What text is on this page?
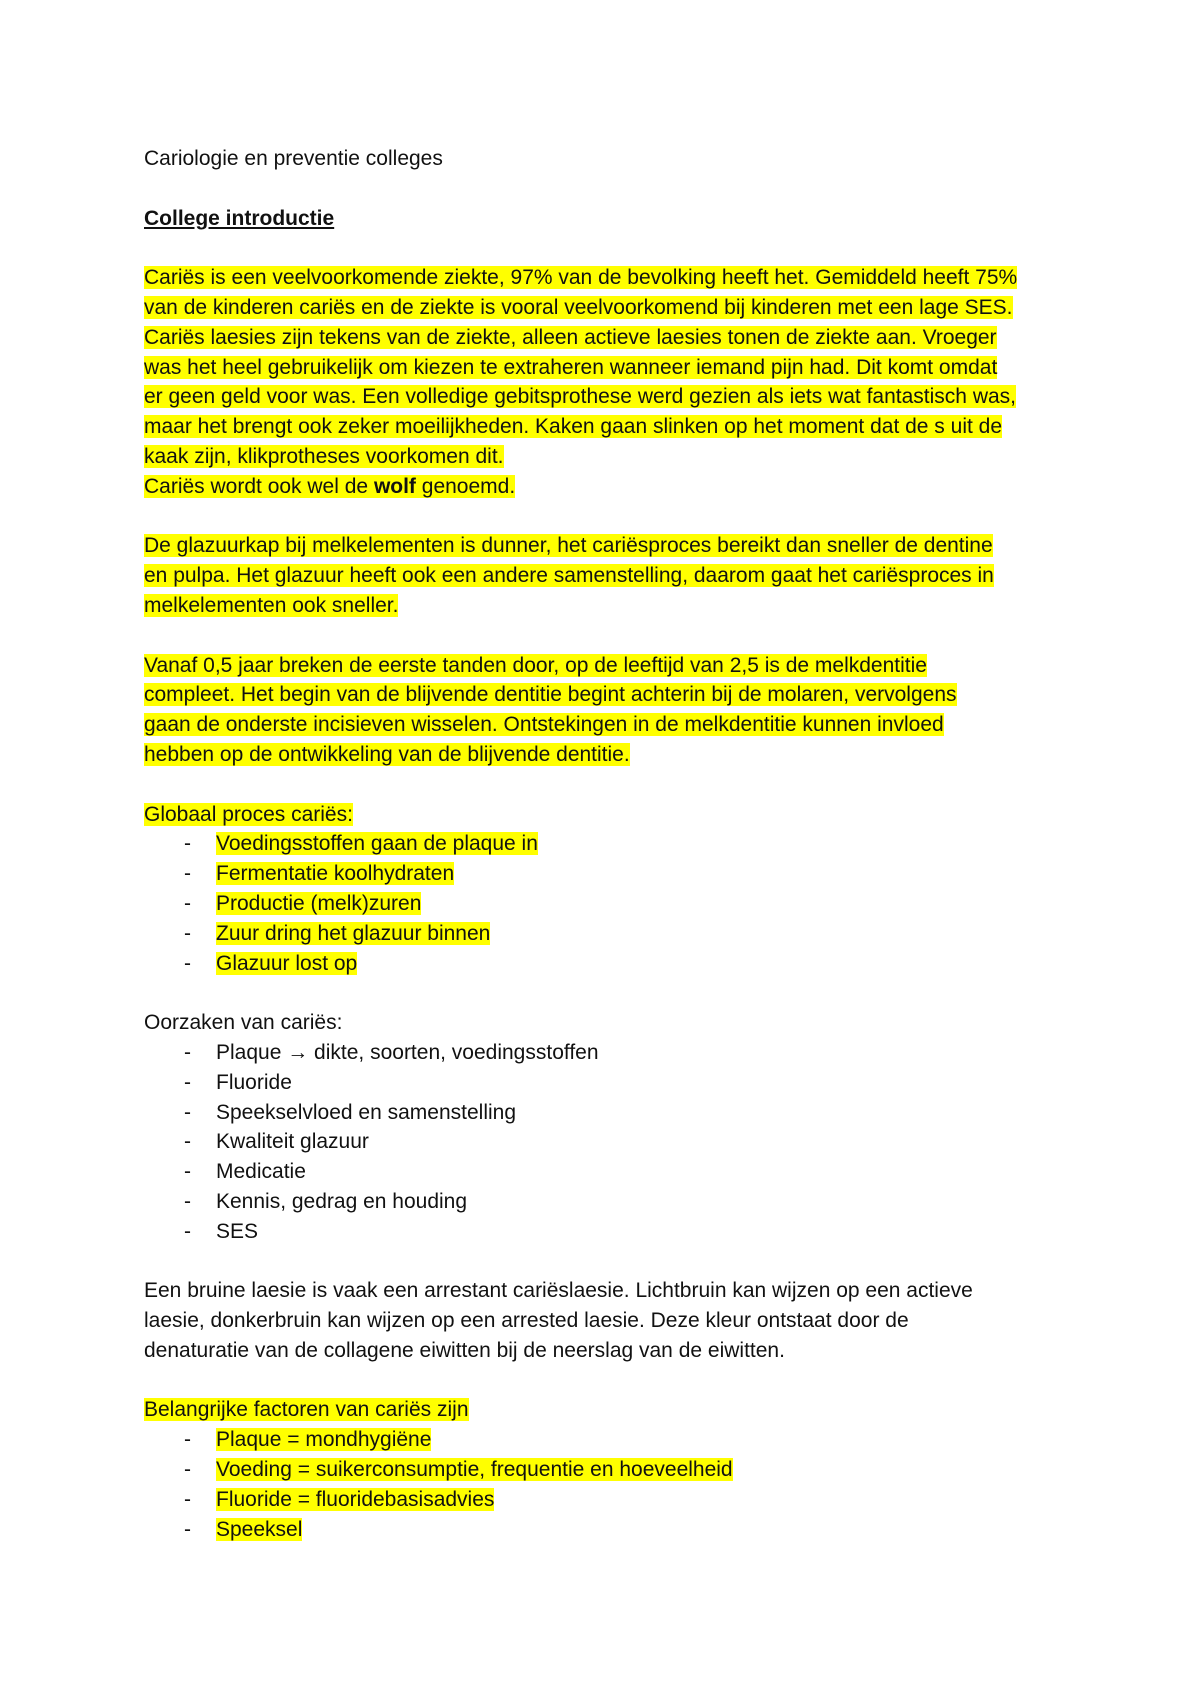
Cariologie en preventie colleges
College introductie
Cariës is een veelvoorkomende ziekte, 97% van de bevolking heeft het. Gemiddeld heeft 75%
van de kinderen cariës en de ziekte is vooral veelvoorkomend bij kinderen met een lage SES.
Cariës laesies zijn tekens van de ziekte, alleen actieve laesies tonen de ziekte aan. Vroeger
was het heel gebruikelijk om kiezen te extraheren wanneer iemand pijn had. Dit komt omdat
er geen geld voor was. Een volledige gebitsprothese werd gezien als iets wat fantastisch was,
maar het brengt ook zeker moeilijkheden. Kaken gaan slinken op het moment dat de s uit de
kaak zijn, klikprotheses voorkomen dit.
Cariës wordt ook wel de wolf genoemd.
De glazuurkap bij melkelementen is dunner, het cariësproces bereikt dan sneller de dentine
en pulpa. Het glazuur heeft ook een andere samenstelling, daarom gaat het cariësproces in
melkelementen ook sneller.
Vanaf 0,5 jaar breken de eerste tanden door, op de leeftijd van 2,5 is de melkdentitie
compleet. Het begin van de blijvende dentitie begint achterin bij de molaren, vervolgens
gaan de onderste incisieven wisselen. Ontstekingen in de melkdentitie kunnen invloed
hebben op de ontwikkeling van de blijvende dentitie.
Globaal proces cariës:
- Voedingsstoffen gaan de plaque in
- Fermentatie koolhydraten
- Productie (melk)zuren
- Zuur dring het glazuur binnen
- Glazuur lost op
Oorzaken van cariës:
- Plaque → dikte, soorten, voedingsstoffen
- Fluoride
- Speekselvloed en samenstelling
- Kwaliteit glazuur
- Medicatie
- Kennis, gedrag en houding
- SES
Een bruine laesie is vaak een arrestant cariëslaesie. Lichtbruin kan wijzen op een actieve
laesie, donkerbruin kan wijzen op een arrested laesie. Deze kleur ontstaat door de
denaturatie van de collagene eiwitten bij de neerslag van de eiwitten.
Belangrijke factoren van cariës zijn
- Plaque = mondhygiëne
- Voeding = suikerconsumptie, frequentie en hoeveelheid
- Fluoride = fluoridebasisadvies
- Speeksel
